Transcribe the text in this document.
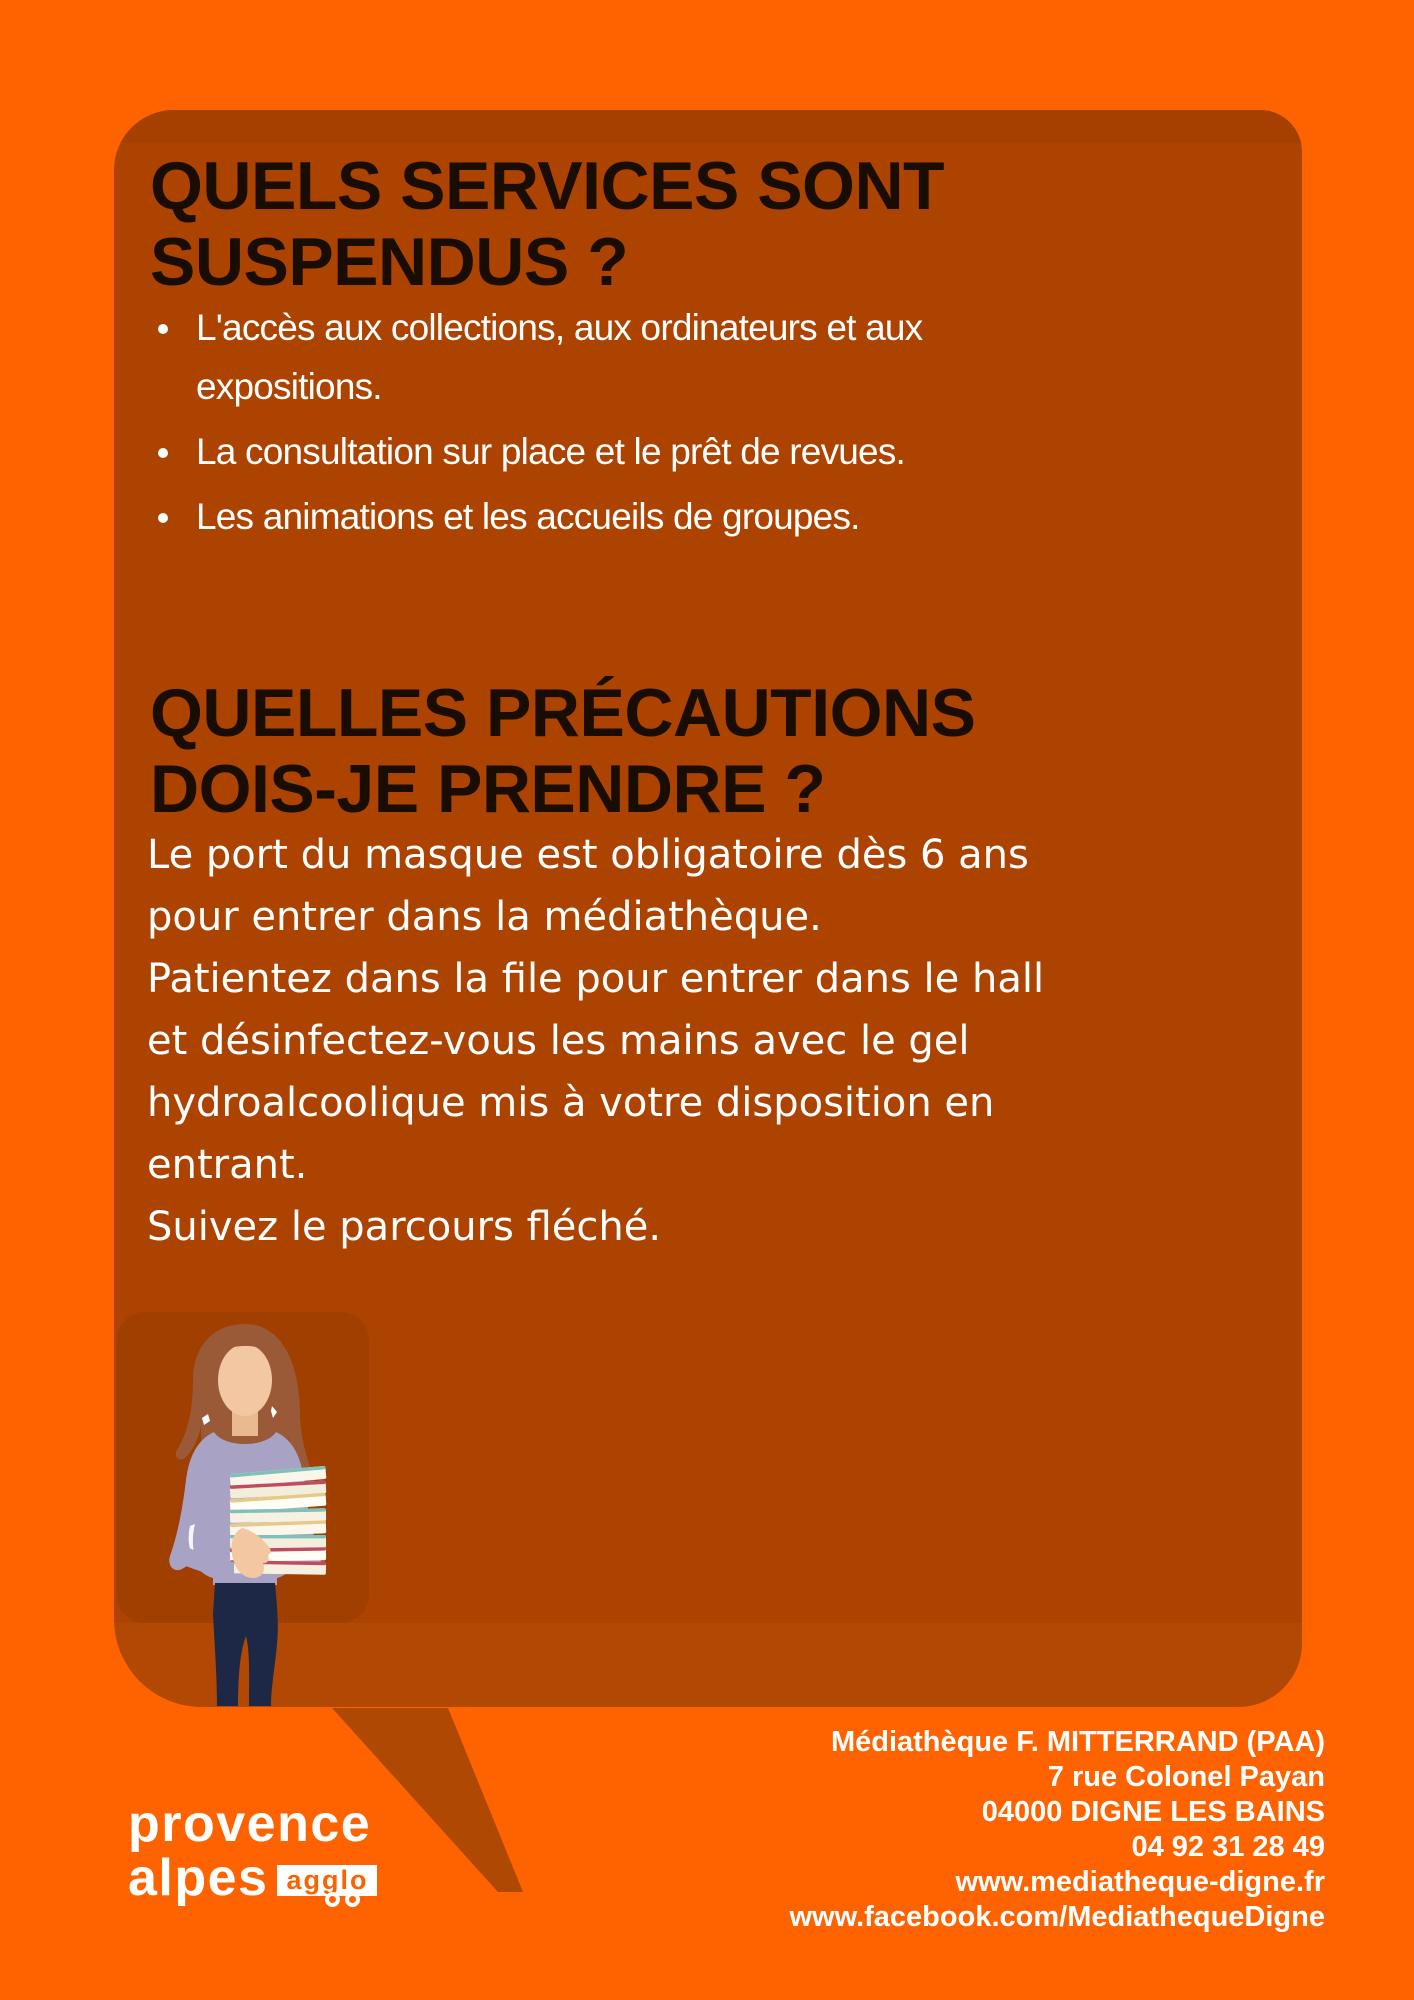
QUELS SERVICES SONT
SUSPENDUS ?
L'accès aux collections, aux ordinateurs et aux expositions.
La consultation sur place et le prêt de revues.
Les animations et les accueils de groupes.
QUELLES PRÉCAUTIONS
DOIS-JE PRENDRE ?
Le port du masque est obligatoire dès 6 ans
pour entrer dans la médiathèque.
Patientez dans la file pour entrer dans le hall
et désinfectez-vous les mains avec le gel
hydroalcoolique mis à votre disposition en
entrant.
Suivez le parcours fléché.
Médiathèque F. MITTERRAND (PAA)
7 rue Colonel Payan
04000 DIGNE LES BAINS
04 92 31 28 49
www.mediatheque-digne.fr
www.facebook.com/MediathequeDigne
provence
alpes agglo
